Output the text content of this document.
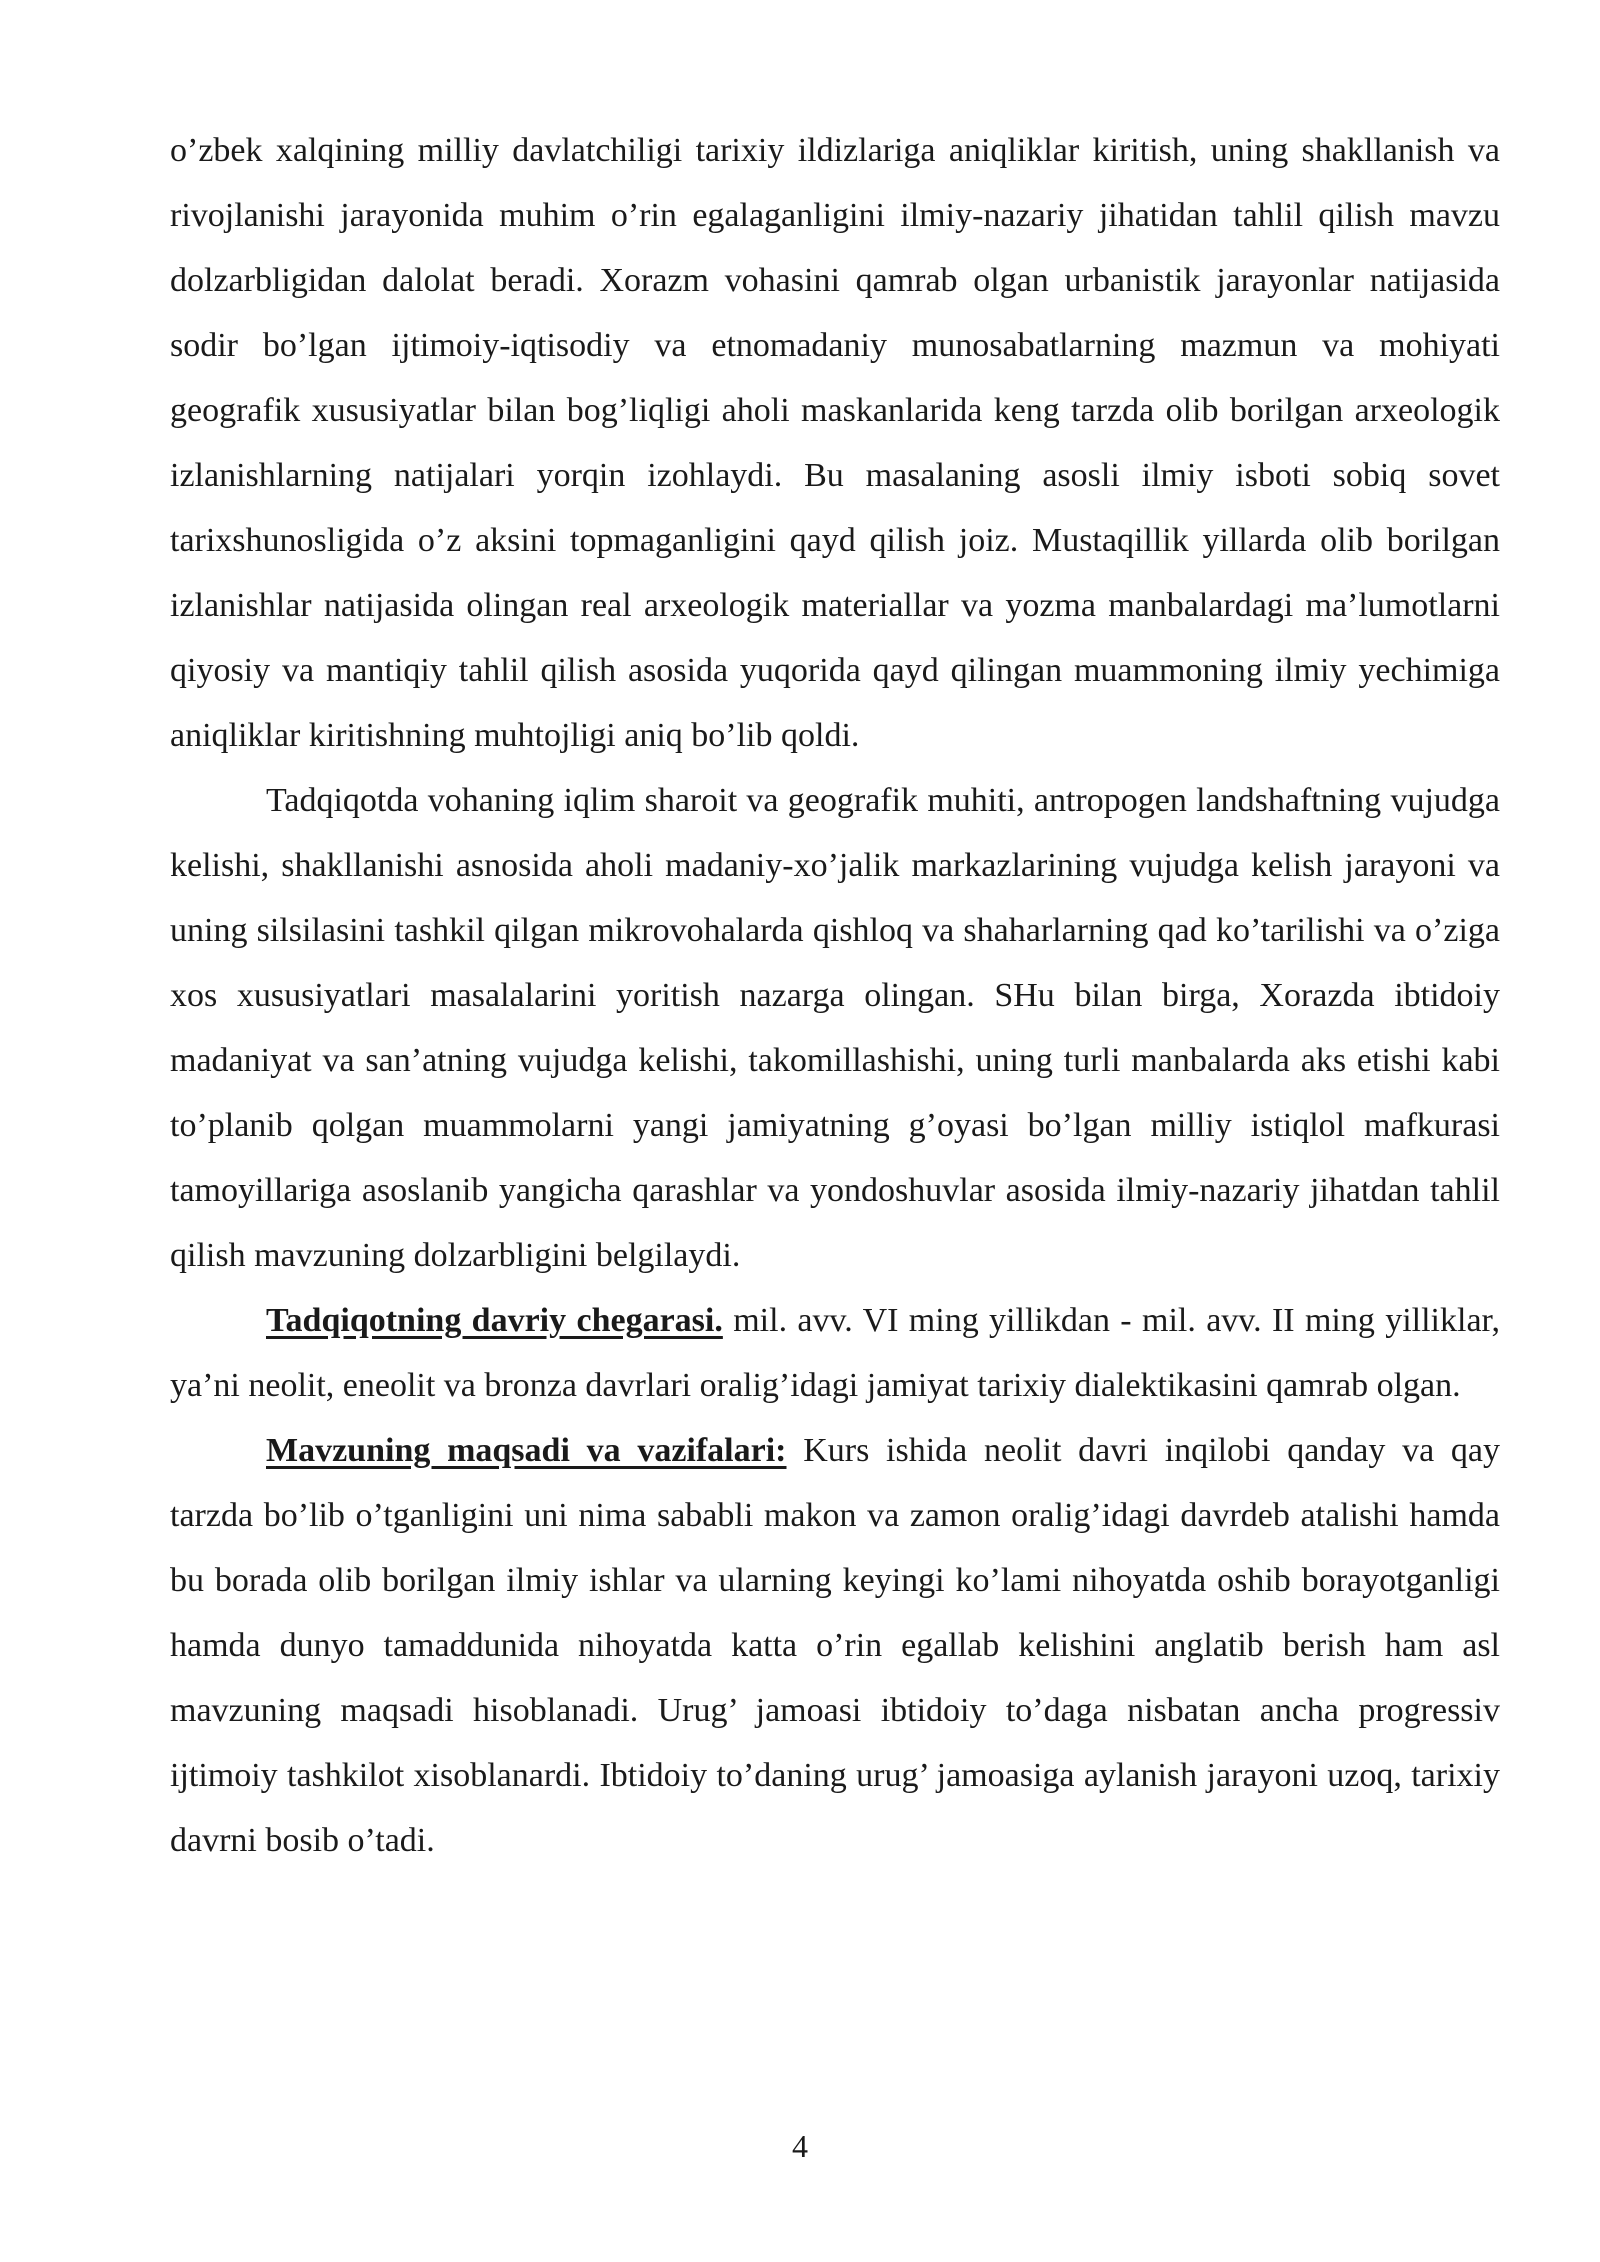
o’zbek xalqining milliy davlatchiligi tarixiy ildizlariga aniqliklar kiritish, uning shakllanish va rivojlanishi jarayonida muhim o’rin egalaganligini ilmiy-nazariy jihatidan tahlil qilish mavzu dolzarbligidan dalolat beradi. Xorazm vohasini qamrab olgan urbanistik jarayonlar natijasida sodir bo’lgan ijtimoiy-iqtisodiy va etnomadaniy munosabatlarning mazmun va mohiyati geografik xususiyatlar bilan bog’liqligi aholi maskanlarida keng tarzda olib borilgan arxeologik izlanishlarning natijalari yorqin izohlaydi. Bu masalaning asosli ilmiy isboti sobiq sovet tarixshunosligida o’z aksini topmaganligini qayd qilish joiz. Mustaqillik yillarda olib borilgan izlanishlar natijasida olingan real arxeologik materiallar va yozma manbalardagi ma’lumotlarni qiyosiy va mantiqiy tahlil qilish asosida yuqorida qayd qilingan muammoning ilmiy yechimiga aniqliklar kiritishning muhtojligi aniq bo’lib qoldi.

Tadqiqotda vohaning iqlim sharoit va geografik muhiti, antropogen landshaftning vujudga kelishi, shakllanishi asnosida aholi madaniy-xo’jalik markazlarining vujudga kelish jarayoni va uning silsilasini tashkil qilgan mikrovohalarda qishloq va shaharlarning qad ko’tarilishi va o’ziga xos xususiyatlari masalalarini yoritish nazarga olingan. SHu bilan birga, Xorazda ibtidoiy madaniyat va san’atning vujudga kelishi, takomillashishi, uning turli manbalarda aks etishi kabi to’planib qolgan muammolarni yangi jamiyatning g’oyasi bo’lgan milliy istiqlol mafkurasi tamoyillariga asoslanib yangicha qarashlar va yondoshuvlar asosida ilmiy-nazariy jihatdan tahlil qilish mavzuning dolzarbligini belgilaydi.

Tadqiqotning davriy chegarasi. mil. avv. VI ming yillikdan - mil. avv. II ming yilliklar, ya’ni neolit, eneolit va bronza davrlari oralig’idagi jamiyat tarixiy dialektikasini qamrab olgan.

Mavzuning maqsadi va vazifalari: Kurs ishida neolit davri inqilobi qanday va qay tarzda bo’lib o’tganligini uni nima sababli makon va zamon oralig’idagi davrdeb atalishi hamda bu borada olib borilgan ilmiy ishlar va ularning keyingi ko’lami nihoyatda oshib borayotganligi hamda dunyo tamaddunida nihoyatda katta o’rin egallab kelishini anglatib berish ham asl mavzuning maqsadi hisoblanadi. Urug’ jamoasi ibtidoiy to’daga nisbatan ancha progressiv ijtimoiy tashkilot xisoblanardi. Ibtidoiy to’daning urug’ jamoasiga aylanish jarayoni uzoq, tarixiy davrni bosib o’tadi.

4
